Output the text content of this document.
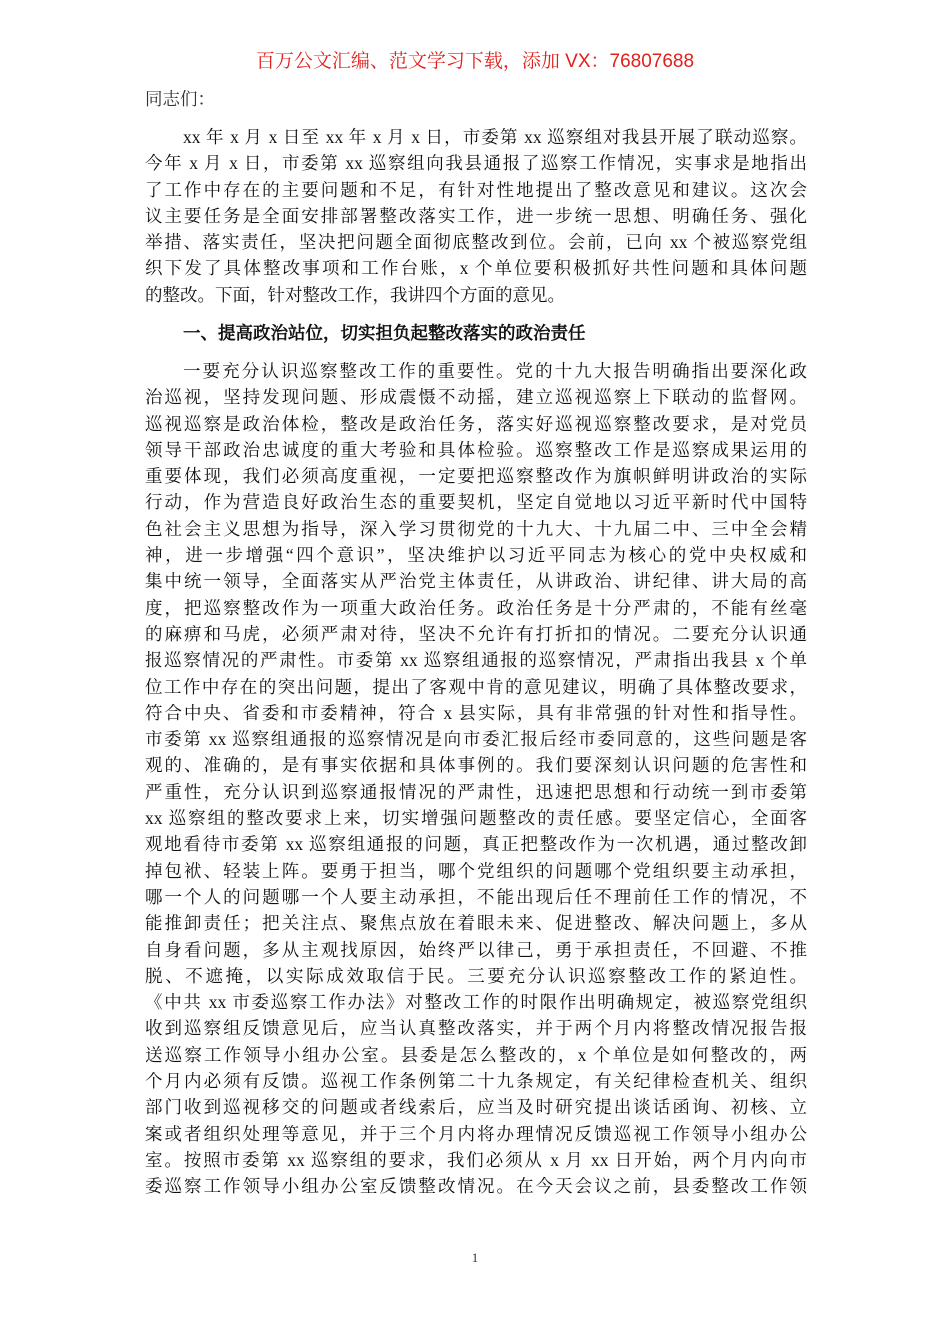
百万公文汇编、范文学习下载，添加 VX：76807688
同志们：
xx 年 x 月 x 日至 xx 年 x 月 x 日，市委第 xx 巡察组对我县开展了联动巡察。
今年 x 月 x 日，市委第 xx 巡察组向我县通报了巡察工作情况，实事求是地指出
了工作中存在的主要问题和不足，有针对性地提出了整改意见和建议。这次会
议主要任务是全面安排部署整改落实工作，进一步统一思想、明确任务、强化
举措、落实责任，坚决把问题全面彻底整改到位。会前，已向 xx 个被巡察党组
织下发了具体整改事项和工作台账，x 个单位要积极抓好共性问题和具体问题
的整改。下面，针对整改工作，我讲四个方面的意见。
一、提高政治站位，切实担负起整改落实的政治责任
一要充分认识巡察整改工作的重要性。党的十九大报告明确指出要深化政
治巡视，坚持发现问题、形成震慑不动摇，建立巡视巡察上下联动的监督网。
巡视巡察是政治体检，整改是政治任务，落实好巡视巡察整改要求，是对党员
领导干部政治忠诚度的重大考验和具体检验。巡察整改工作是巡察成果运用的
重要体现，我们必须高度重视，一定要把巡察整改作为旗帜鲜明讲政治的实际
行动，作为营造良好政治生态的重要契机，坚定自觉地以习近平新时代中国特
色社会主义思想为指导，深入学习贯彻党的十九大、十九届二中、三中全会精
神，进一步增强“四个意识”，坚决维护以习近平同志为核心的党中央权威和
集中统一领导，全面落实从严治党主体责任，从讲政治、讲纪律、讲大局的高
度，把巡察整改作为一项重大政治任务。政治任务是十分严肃的，不能有丝毫
的麻痹和马虎，必须严肃对待，坚决不允许有打折扣的情况。二要充分认识通
报巡察情况的严肃性。市委第 xx 巡察组通报的巡察情况，严肃指出我县 x 个单
位工作中存在的突出问题，提出了客观中肯的意见建议，明确了具体整改要求，
符合中央、省委和市委精神，符合 x 县实际，具有非常强的针对性和指导性。
市委第 xx 巡察组通报的巡察情况是向市委汇报后经市委同意的，这些问题是客
观的、准确的，是有事实依据和具体事例的。我们要深刻认识问题的危害性和
严重性，充分认识到巡察通报情况的严肃性，迅速把思想和行动统一到市委第
xx 巡察组的整改要求上来，切实增强问题整改的责任感。要坚定信心，全面客
观地看待市委第 xx 巡察组通报的问题，真正把整改作为一次机遇，通过整改卸
掉包袱、轻装上阵。要勇于担当，哪个党组织的问题哪个党组织要主动承担，
哪一个人的问题哪一个人要主动承担，不能出现后任不理前任工作的情况，不
能推卸责任；把关注点、聚焦点放在着眼未来、促进整改、解决问题上，多从
自身看问题，多从主观找原因，始终严以律己，勇于承担责任，不回避、不推
脱、不遮掩，以实际成效取信于民。三要充分认识巡察整改工作的紧迫性。
《中共 xx 市委巡察工作办法》对整改工作的时限作出明确规定，被巡察党组织
收到巡察组反馈意见后，应当认真整改落实，并于两个月内将整改情况报告报
送巡察工作领导小组办公室。县委是怎么整改的，x 个单位是如何整改的，两
个月内必须有反馈。巡视工作条例第二十九条规定，有关纪律检查机关、组织
部门收到巡视移交的问题或者线索后，应当及时研究提出谈话函询、初核、立
案或者组织处理等意见，并于三个月内将办理情况反馈巡视工作领导小组办公
室。按照市委第 xx 巡察组的要求，我们必须从 x 月 xx 日开始，两个月内向市
委巡察工作领导小组办公室反馈整改情况。在今天会议之前，县委整改工作领
1
